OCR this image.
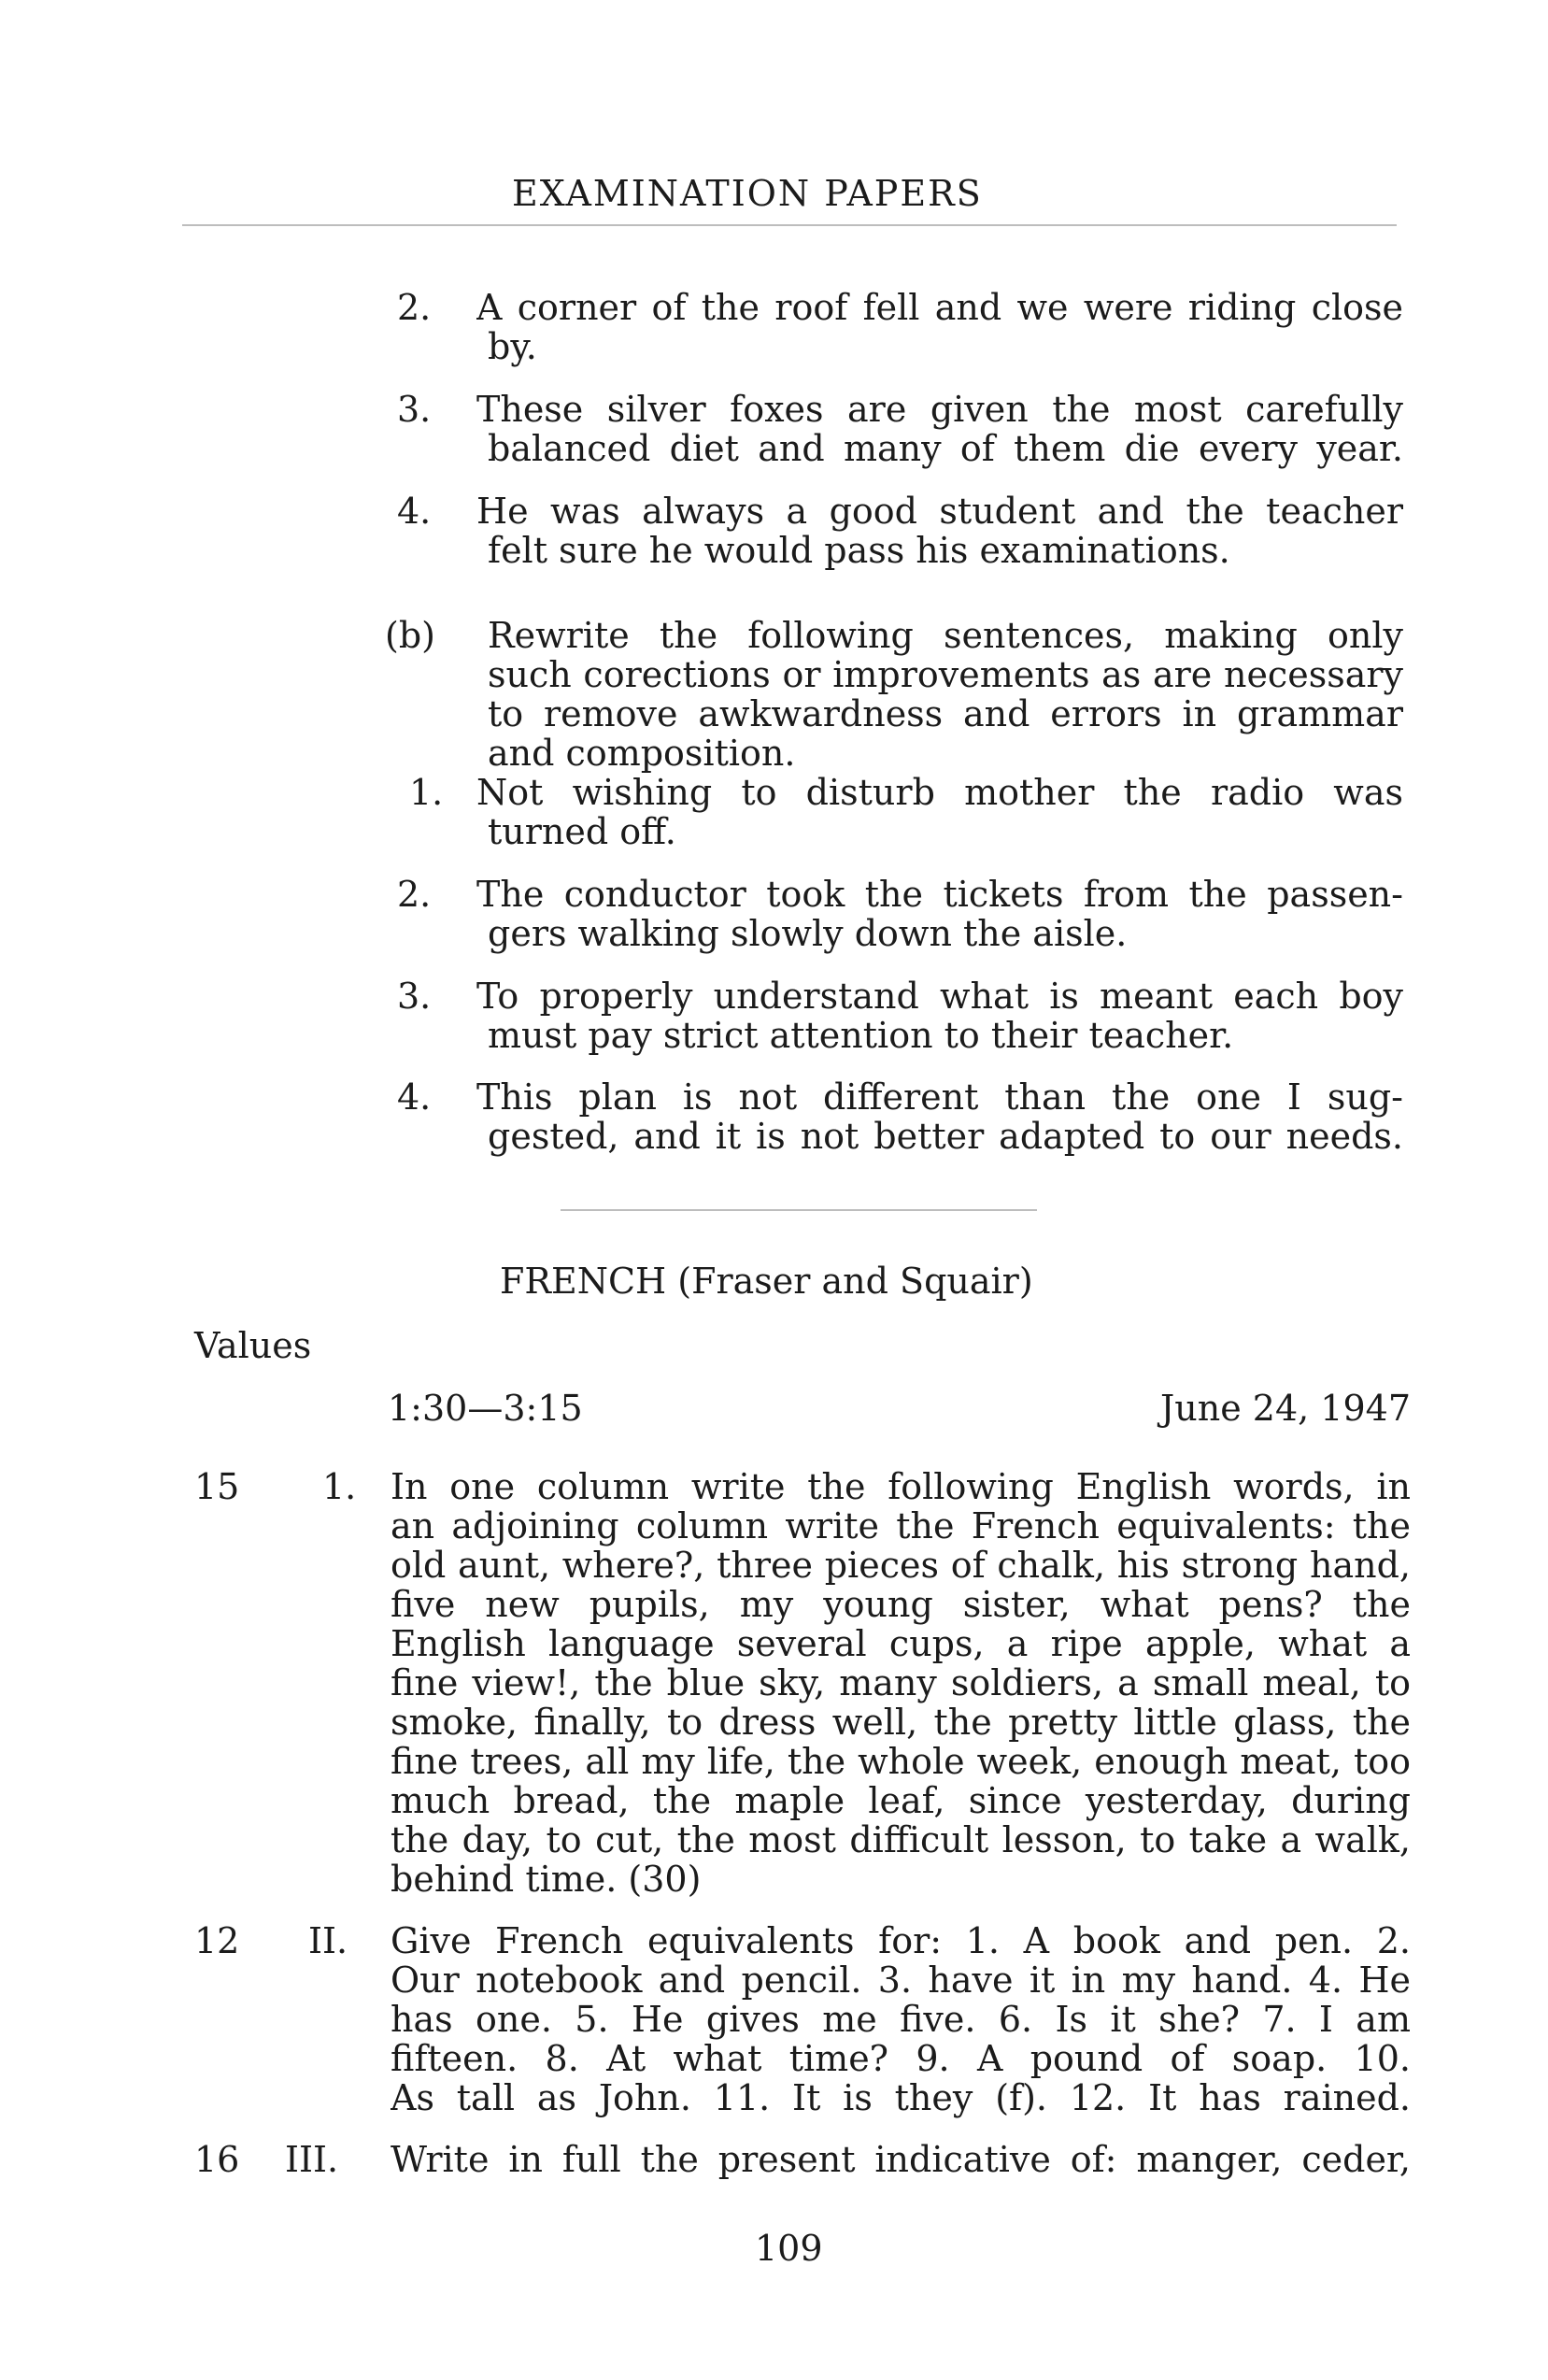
EXAMINATION PAPERS
2. A corner of the roof fell and we were riding close
by.
3. These silver foxes are given the most carefully
balanced diet and many of them die every year.
4. He was always a good student and the teacher
felt sure he would pass his examinations.
(b) Rewrite the following sentences, making only
such corections or improvements as are necessary
to remove awkwardness and errors in grammar
and composition.
1. Not wishing to disturb mother the radio was
turned off.
2. The conductor took the tickets from the passen-
gers walking slowly down the aisle.
3. To properly understand what is meant each boy
must pay strict attention to their teacher.
4. This plan is not different than the one I sug-
gested, and it is not better adapted to our needs.
FRENCH (Fraser and Squair)
Values
1:30—3:15	June 24, 1947
15 1. In one column write the following English words, in
an adjoining column write the French equivalents: the
old aunt, where?, three pieces of chalk, his strong hand,
five new pupils, my young sister, what pens? the
English language several cups, a ripe apple, what a
fine view!, the blue sky, many soldiers, a small meal, to
smoke, finally, to dress well, the pretty little glass, the
fine trees, all my life, the whole week, enough meat, too
much bread, the maple leaf, since yesterday, during
the day, to cut, the most difficult lesson, to take a walk,
behind time. (30)
12 II. Give French equivalents for: 1. A book and pen. 2.
Our notebook and pencil. 3. have it in my hand. 4. He
has one. 5. He gives me five. 6. Is it she? 7. I am
fifteen. 8. At what time? 9. A pound of soap. 10.
As tall as John. 11. It is they (f). 12. It has rained.
16 III. Write in full the present indicative of: manger, ceder,
109
